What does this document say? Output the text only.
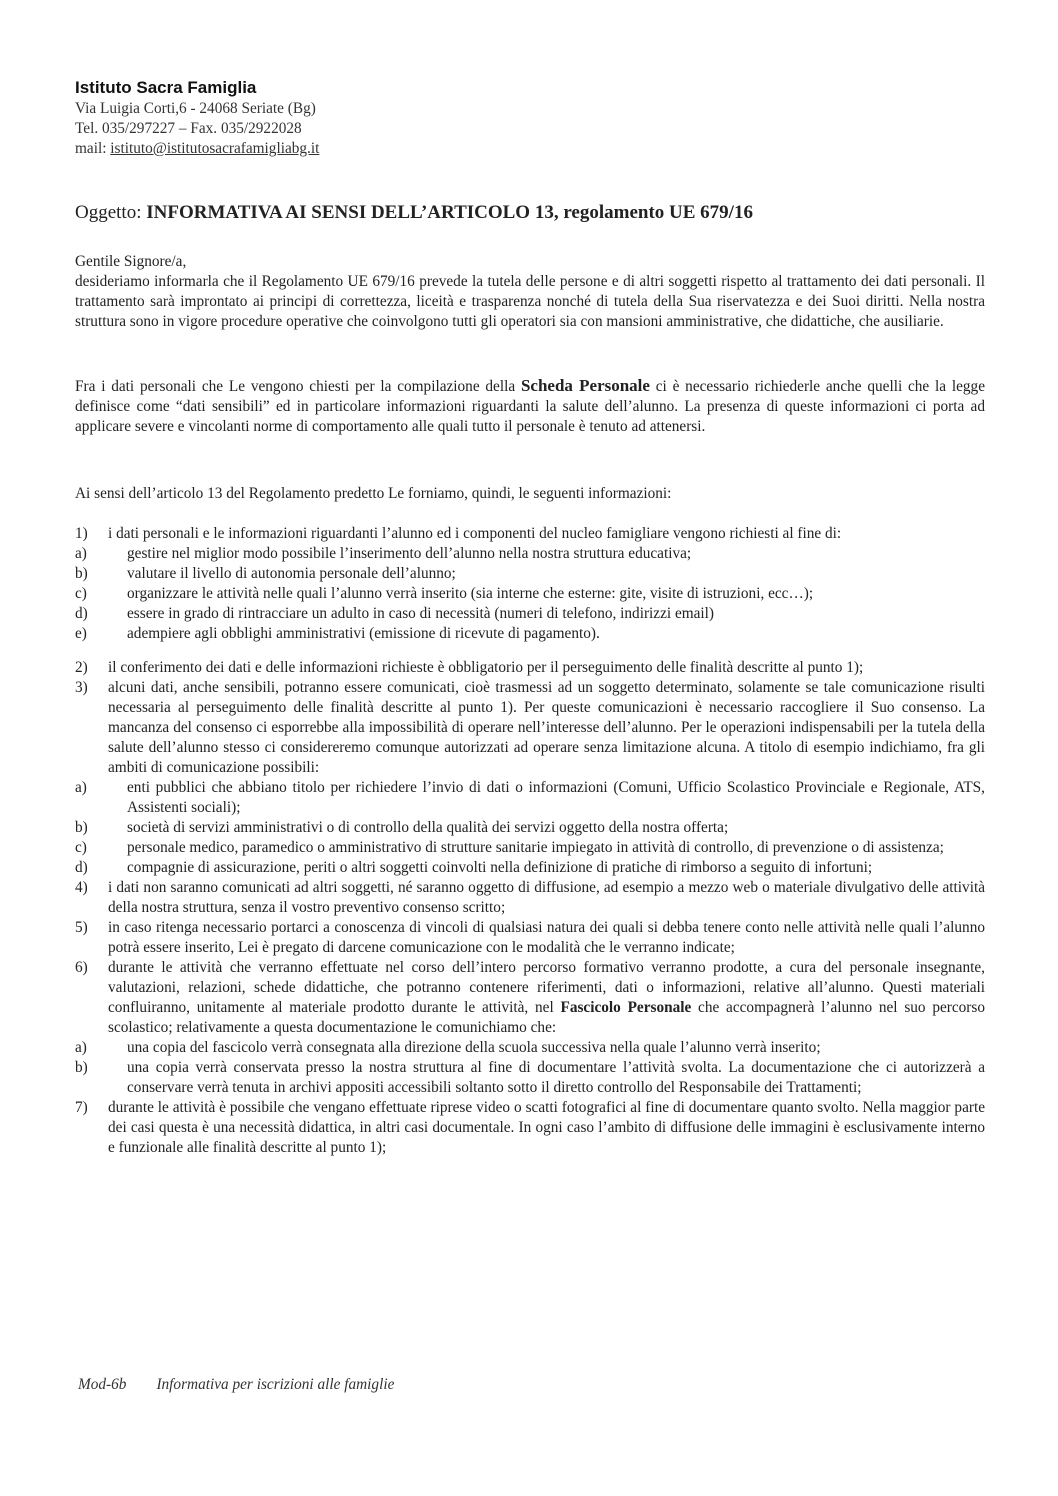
Istituto Sacra Famiglia
Via Luigia Corti,6 - 24068 Seriate (Bg)
Tel. 035/297227 – Fax. 035/2922028
mail: istituto@istitutosacrafamigliabg.it
Oggetto: INFORMATIVA AI SENSI DELL’ARTICOLO 13, regolamento UE 679/16
Gentile Signore/a,
desideriamo informarla che il Regolamento UE 679/16 prevede la tutela delle persone e di altri soggetti rispetto al trattamento dei dati personali. Il trattamento sarà improntato ai principi di correttezza, liceità e trasparenza nonché di tutela della Sua riservatezza e dei Suoi diritti. Nella nostra struttura sono in vigore procedure operative che coinvolgono tutti gli operatori sia con mansioni amministrative, che didattiche, che ausiliarie.
Fra i dati personali che Le vengono chiesti per la compilazione della Scheda Personale ci è necessario richiederle anche quelli che la legge definisce come “dati sensibili” ed in particolare informazioni riguardanti la salute dell’alunno. La presenza di queste informazioni ci porta ad applicare severe e vincolanti norme di comportamento alle quali tutto il personale è tenuto ad attenersi.
Ai sensi dell’articolo 13 del Regolamento predetto Le forniamo, quindi, le seguenti informazioni:
1)	i dati personali e le informazioni riguardanti l’alunno ed i componenti del nucleo famigliare vengono richiesti al fine di:
a)	gestire nel miglior modo possibile l’inserimento dell’alunno nella nostra struttura educativa;
b)	valutare il livello di autonomia personale dell’alunno;
c)	organizzare le attività nelle quali l’alunno verrà inserito (sia interne che esterne: gite, visite di istruzioni, ecc…);
d)	essere in grado di rintracciare un adulto in caso di necessità (numeri di telefono, indirizzi email)
e)	adempiere agli obblighi amministrativi (emissione di ricevute di pagamento).
2)	il conferimento dei dati e delle informazioni richieste è obbligatorio per il perseguimento delle finalità descritte al punto 1);
3)	alcuni dati, anche sensibili, potranno essere comunicati, cioè trasmessi ad un soggetto determinato, solamente se tale comunicazione risulti necessaria al perseguimento delle finalità descritte al punto 1). Per queste comunicazioni è necessario raccogliere il Suo consenso. La mancanza del consenso ci esporrebbe alla impossibilità di operare nell’interesse dell’alunno. Per le operazioni indispensabili per la tutela della salute dell’alunno stesso ci considereremo comunque autorizzati ad operare senza limitazione alcuna. A titolo di esempio indichiamo, fra gli ambiti di comunicazione possibili:
a)	enti pubblici che abbiano titolo per richiedere l’invio di dati o informazioni (Comuni, Ufficio Scolastico Provinciale e Regionale, ATS, Assistenti sociali);
b)	società di servizi amministrativi o di controllo della qualità dei servizi oggetto della nostra offerta;
c)	personale medico, paramedico o amministrativo di strutture sanitarie impiegato in attività di controllo, di prevenzione o di assistenza;
d)	compagnie di assicurazione, periti o altri soggetti coinvolti nella definizione di pratiche di rimborso a seguito di infortuni;
4)	i dati non saranno comunicati ad altri soggetti, né saranno oggetto di diffusione, ad esempio a mezzo web o materiale divulgativo delle attività della nostra struttura, senza il vostro preventivo consenso scritto;
5)	in caso ritenga necessario portarci a conoscenza di vincoli di qualsiasi natura dei quali si debba tenere conto nelle attività nelle quali l’alunno potrà essere inserito, Lei è pregato di darcene comunicazione con le modalità che le verranno indicate;
6)	durante le attività che verranno effettuate nel corso dell’intero percorso formativo verranno prodotte, a cura del personale insegnante, valutazioni, relazioni, schede didattiche, che potranno contenere riferimenti, dati o informazioni, relative all’alunno. Questi materiali confluiranno, unitamente al materiale prodotto durante le attività, nel Fascicolo Personale che accompagnerà l’alunno nel suo percorso scolastico; relativamente a questa documentazione le comunichiamo che:
a)	una copia del fascicolo verrà consegnata alla direzione della scuola successiva nella quale l’alunno verrà inserito;
b)	una copia verrà conservata presso la nostra struttura al fine di documentare l’attività svolta. La documentazione che ci autorizzerà a conservare verrà tenuta in archivi appositi accessibili soltanto sotto il diretto controllo del Responsabile dei Trattamenti;
7)	durante le attività è possibile che vengano effettuate riprese video o scatti fotografici al fine di documentare quanto svolto. Nella maggior parte dei casi questa è una necessità didattica, in altri casi documentale. In ogni caso l’ambito di diffusione delle immagini è esclusivamente interno e funzionale alle finalità descritte al punto 1);
Mod-6b Informativa per iscrizioni alle famiglie
